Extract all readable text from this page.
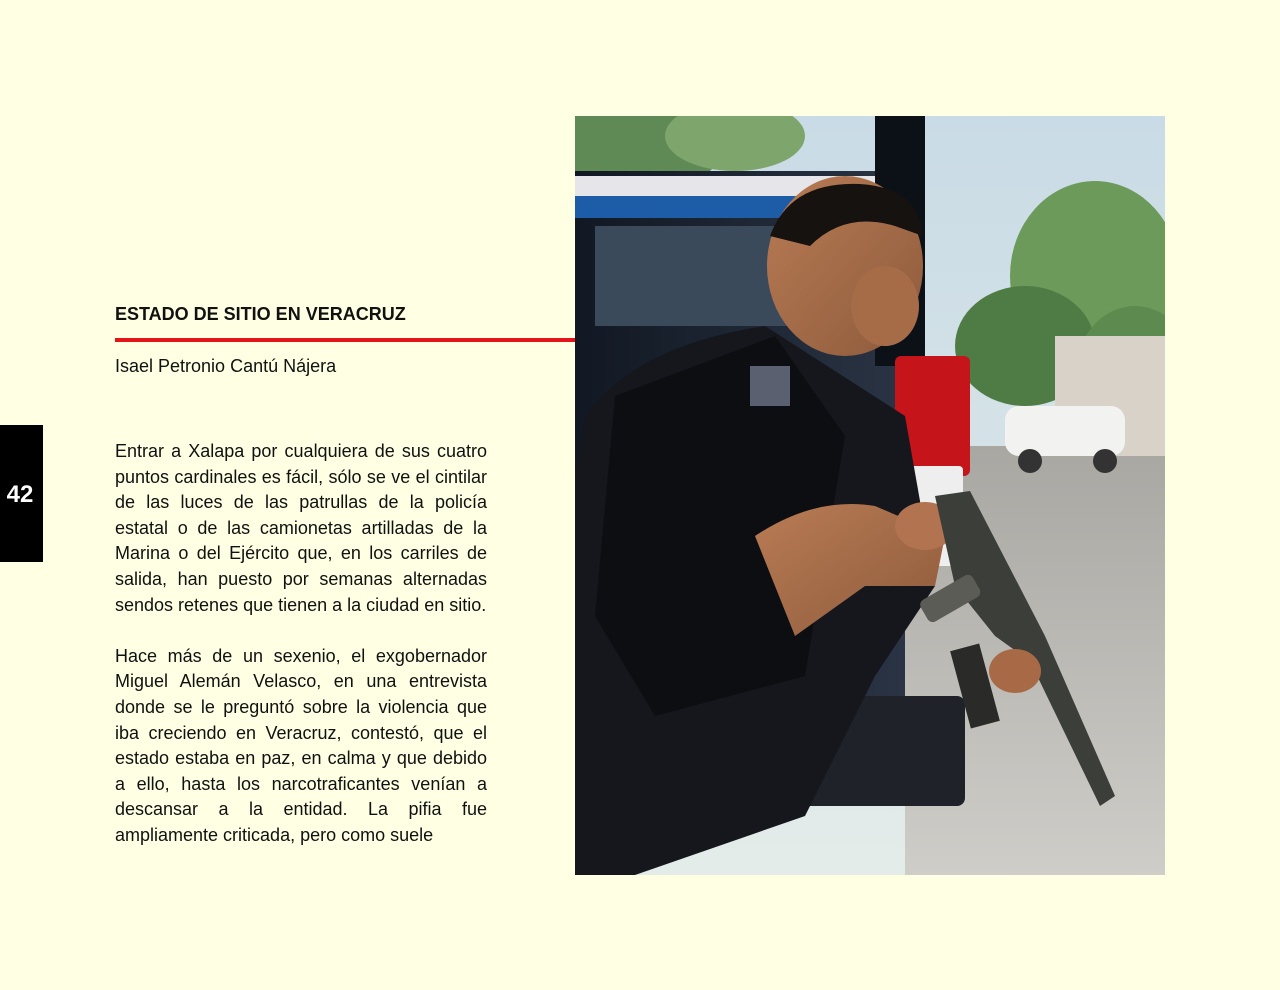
42
ESTADO DE SITIO EN VERACRUZ
Isael Petronio Cantú Nájera

Entrar a Xalapa por cualquiera de sus cuatro puntos cardinales es fácil, sólo se ve el cintilar de las luces de las patrullas de la policía estatal o de las camionetas artilladas de la Marina o del Ejército que, en los carriles de salida, han puesto por semanas alternadas sendos retenes que tienen a la ciudad en sitio.

Hace más de un sexenio, el exgobernador Miguel Alemán Velasco, en una entrevista donde se le preguntó sobre la violencia que iba creciendo en Veracruz, contestó, que el estado estaba en paz, en calma y que debido a ello, hasta los narcotraficantes venían a descansar a la entidad. La pifia fue ampliamente criticada, pero como suele
